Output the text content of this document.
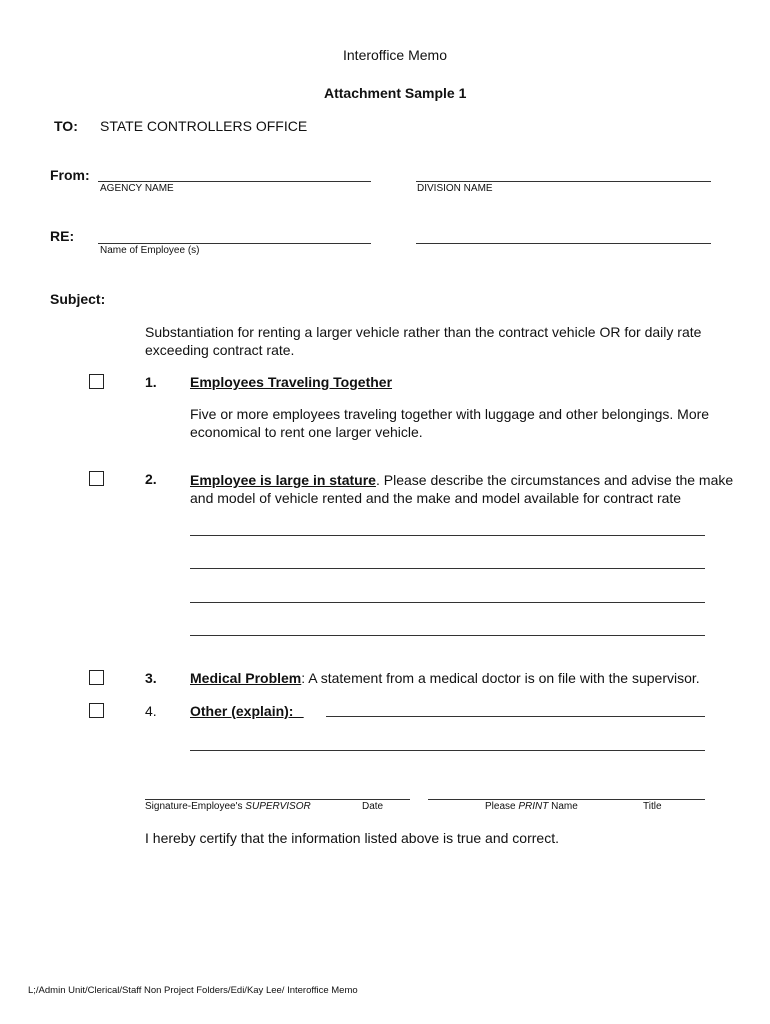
Interoffice Memo
Attachment Sample 1
TO: STATE CONTROLLERS OFFICE
From:
AGENCY NAME	DIVISION NAME
RE:
Name of Employee (s)
Subject:
Substantiation for renting a larger vehicle rather than the contract vehicle OR for daily rate exceeding contract rate.
1. Employees Traveling Together
Five or more employees traveling together with luggage and other belongings. More economical to rent one larger vehicle.
2. Employee is large in stature. Please describe the circumstances and advise the make and model of vehicle rented and the make and model available for contract rate
3. Medical Problem: A statement from a medical doctor is on file with the supervisor.
4. Other (explain):

Signature-Employee's SUPERVISOR	Date	Please PRINT Name	Title
I hereby certify that the information listed above is true and correct.
L;/Admin Unit/Clerical/Staff Non Project Folders/Edi/Kay Lee/ Interoffice Memo
